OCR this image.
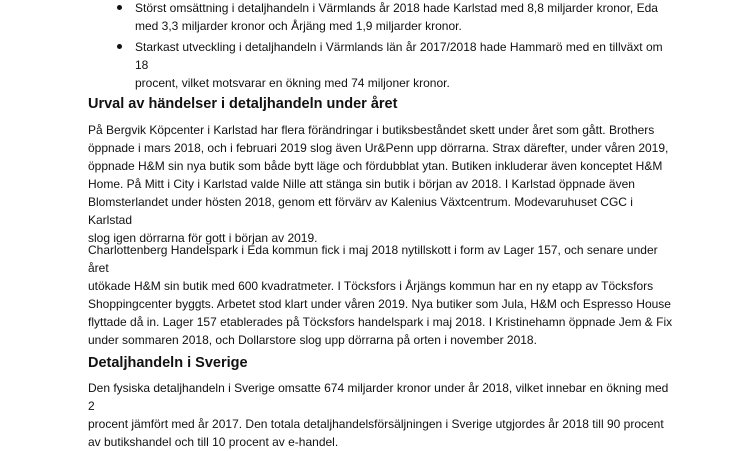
Störst omsättning i detaljhandeln i Värmlands år 2018 hade Karlstad med 8,8 miljarder kronor, Eda
med 3,3 miljarder kronor och Årjäng med 1,9 miljarder kronor.
Starkast utveckling i detaljhandeln i Värmlands län år 2017/2018 hade Hammarö med en tillväxt om 18
procent, vilket motsvarar en ökning med 74 miljoner kronor.
Urval av händelser i detaljhandeln under året
På Bergvik Köpcenter i Karlstad har flera förändringar i butiksbeståndet skett under året som gått. Brothers
öppnade i mars 2018, och i februari 2019 slog även Ur&Penn upp dörrarna. Strax därefter, under våren 2019,
öppnade H&M sin nya butik som både bytt läge och fördubblat ytan. Butiken inkluderar även konceptet H&M
Home. På Mitt i City i Karlstad valde Nille att stänga sin butik i början av 2018. I Karlstad öppnade även
Blomsterlandet under hösten 2018, genom ett förvärv av Kalenius Växtcentrum. Modevaruhuset CGC i Karlstad
slog igen dörrarna för gott i början av 2019.
Charlottenberg Handelspark i Eda kommun fick i maj 2018 nytillskott i form av Lager 157, och senare under året
utökade H&M sin butik med 600 kvadratmeter. I Töcksfors i Årjängs kommun har en ny etapp av Töcksfors
Shoppingcenter byggts. Arbetet stod klart under våren 2019. Nya butiker som Jula, H&M och Espresso House
flyttade då in. Lager 157 etablerades på Töcksfors handelspark i maj 2018. I Kristinehamn öppnade Jem & Fix
under sommaren 2018, och Dollarstore slog upp dörrarna på orten i november 2018.
Detaljhandeln i Sverige
Den fysiska detaljhandeln i Sverige omsatte 674 miljarder kronor under år 2018, vilket innebar en ökning med 2
procent jämfört med år 2017. Den totala detaljhandelsförsäljningen i Sverige utgjordes år 2018 till 90 procent
av butikshandel och till 10 procent av e-handel.
